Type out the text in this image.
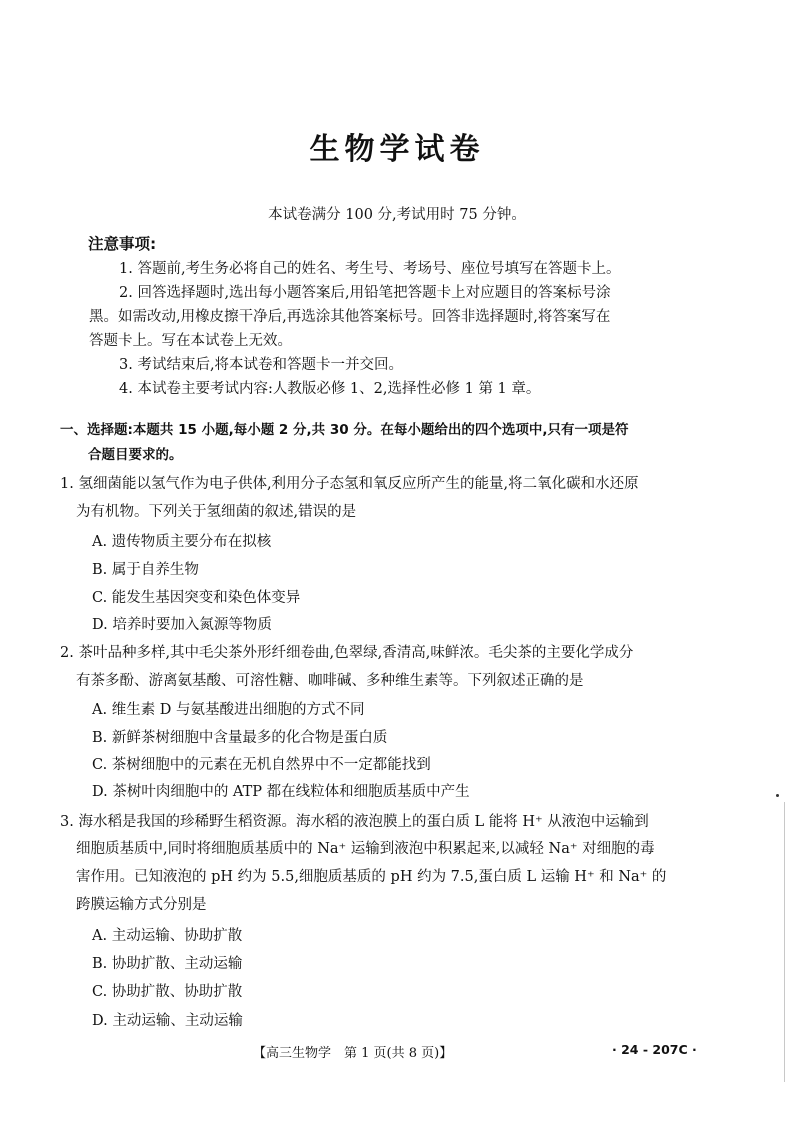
生物学试卷
本试卷满分 100 分,考试用时 75 分钟。
注意事项:
1. 答题前,考生务必将自己的姓名、考生号、考场号、座位号填写在答题卡上。
2. 回答选择题时,选出每小题答案后,用铅笔把答题卡上对应题目的答案标号涂
黑。如需改动,用橡皮擦干净后,再选涂其他答案标号。回答非选择题时,将答案写在
答题卡上。写在本试卷上无效。
3. 考试结束后,将本试卷和答题卡一并交回。
4. 本试卷主要考试内容:人教版必修 1、2,选择性必修 1 第 1 章。
一、选择题:本题共 15 小题,每小题 2 分,共 30 分。在每小题给出的四个选项中,只有一项是符
合题目要求的。
1. 氢细菌能以氢气作为电子供体,利用分子态氢和氧反应所产生的能量,将二氧化碳和水还原
为有机物。下列关于氢细菌的叙述,错误的是
A. 遗传物质主要分布在拟核
B. 属于自养生物
C. 能发生基因突变和染色体变异
D. 培养时要加入氮源等物质
2. 茶叶品种多样,其中毛尖茶外形纤细卷曲,色翠绿,香清高,味鲜浓。毛尖茶的主要化学成分
有茶多酚、游离氨基酸、可溶性糖、咖啡碱、多种维生素等。下列叙述正确的是
A. 维生素 D 与氨基酸进出细胞的方式不同
B. 新鲜茶树细胞中含量最多的化合物是蛋白质
C. 茶树细胞中的元素在无机自然界中不一定都能找到
D. 茶树叶肉细胞中的 ATP 都在线粒体和细胞质基质中产生
3. 海水稻是我国的珍稀野生稻资源。海水稻的液泡膜上的蛋白质 L 能将 H⁺ 从液泡中运输到
细胞质基质中,同时将细胞质基质中的 Na⁺ 运输到液泡中积累起来,以减轻 Na⁺ 对细胞的毒
害作用。已知液泡的 pH 约为 5.5,细胞质基质的 pH 约为 7.5,蛋白质 L 运输 H⁺ 和 Na⁺ 的
跨膜运输方式分别是
A. 主动运输、协助扩散
B. 协助扩散、主动运输
C. 协助扩散、协助扩散
D. 主动运输、主动运输
【高三生物学　第 1 页(共 8 页)】	· 24 - 207C ·
